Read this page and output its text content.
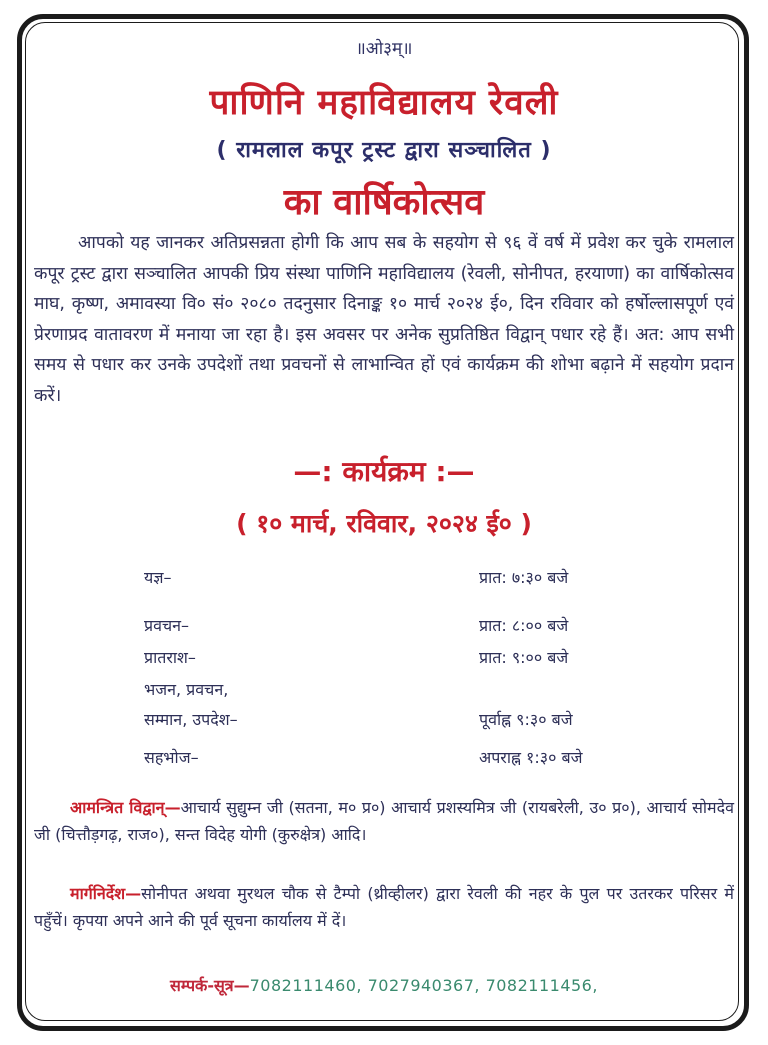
॥ओ३म्॥
पाणिनि महाविद्यालय रेवली
( रामलाल कपूर ट्रस्ट द्वारा सञ्चालित )
का वार्षिकोत्सव
आपको यह जानकर अतिप्रसन्नता होगी कि आप सब के सहयोग से ९६ वें वर्ष में प्रवेश कर चुके रामलाल कपूर ट्रस्ट द्वारा सञ्चालित आपकी प्रिय संस्था पाणिनि महाविद्यालय (रेवली, सोनीपत, हरयाणा) का वार्षिकोत्सव माघ, कृष्ण, अमावस्या वि० सं० २०८० तदनुसार दिनाङ्क १० मार्च २०२४ ई०, दिन रविवार को हर्षोल्लासपूर्ण एवं प्रेरणाप्रद वातावरण में मनाया जा रहा है। इस अवसर पर अनेक सुप्रतिष्ठित विद्वान् पधार रहे हैं। अत: आप सभी समय से पधार कर उनके उपदेशों तथा प्रवचनों से लाभान्वित हों एवं कार्यक्रम की शोभा बढ़ाने में सहयोग प्रदान करें।
—: कार्यक्रम :—
( १० मार्च, रविवार, २०२४ ई० )
यज्ञ–	प्रात: ७:३० बजे
प्रवचन–	प्रात: ८:०० बजे
प्रातराश–	प्रात: ९:०० बजे
भजन, प्रवचन,
सम्मान, उपदेश–	पूर्वाह्न ९:३० बजे
सहभोज–	अपराह्न १:३० बजे
आमन्त्रित विद्वान्—आचार्य सुद्युम्न जी (सतना, म० प्र०) आचार्य प्रशस्यमित्र जी (रायबरेली, उ० प्र०), आचार्य सोमदेव जी (चित्तौड़गढ़, राज०), सन्त विदेह योगी (कुरुक्षेत्र) आदि।
मार्गनिर्देश—सोनीपत अथवा मुरथल चौक से टैम्पो (थ्रीव्हीलर) द्वारा रेवली की नहर के पुल पर उतरकर परिसर में पहुँचें। कृपया अपने आने की पूर्व सूचना कार्यालय में दें।
सम्पर्क-सूत्र—7082111460, 7027940367, 7082111456,
